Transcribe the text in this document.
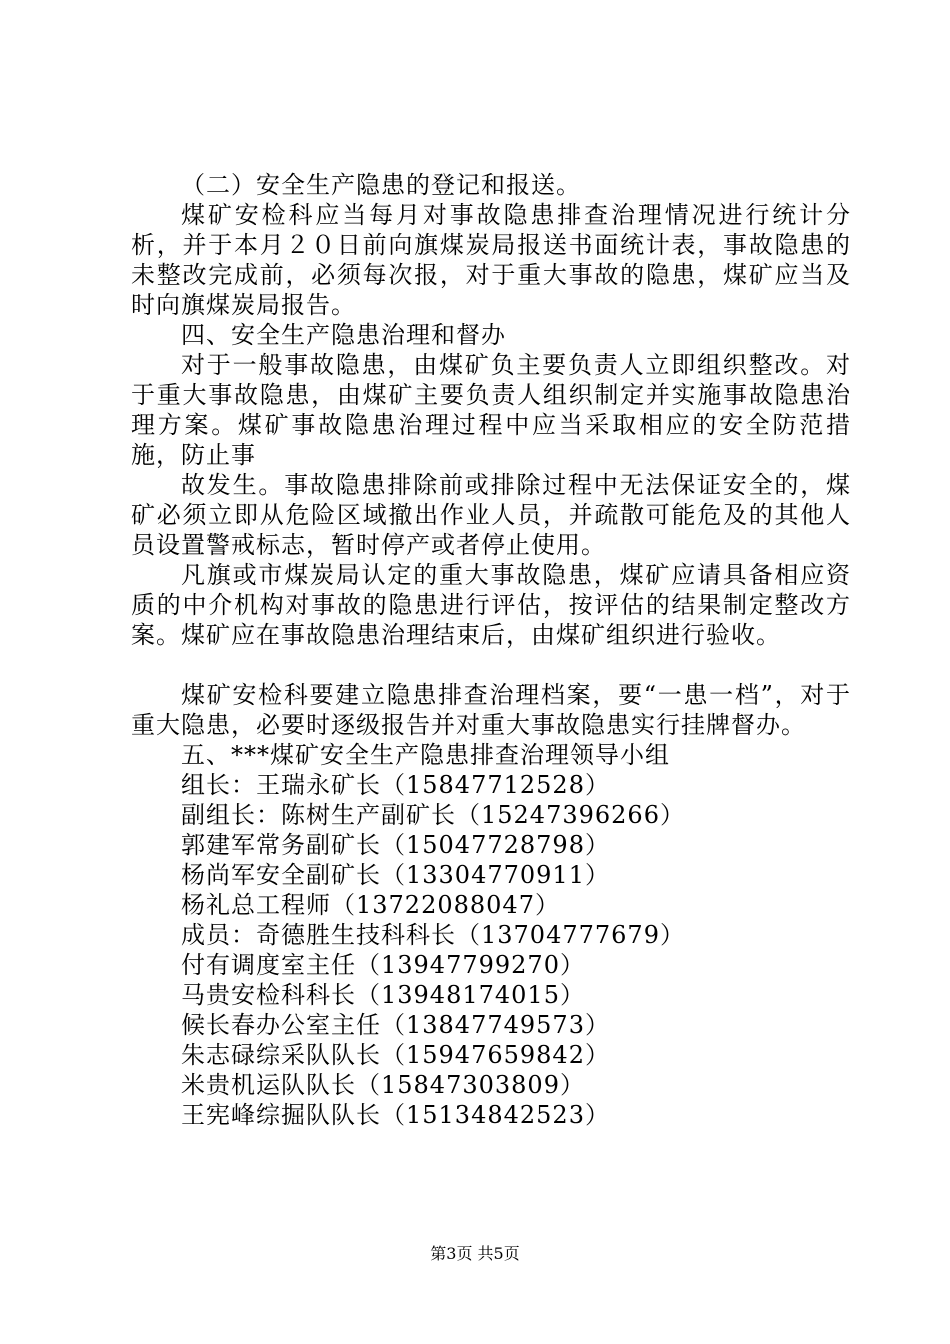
（二）安全生产隐患的登记和报送。

煤矿安检科应当每月对事故隐患排查治理情况进行统计分析，并于本月２０日前向旗煤炭局报送书面统计表，事故隐患的未整改完成前，必须每次报，对于重大事故的隐患，煤矿应当及时向旗煤炭局报告。

四、安全生产隐患治理和督办

对于一般事故隐患，由煤矿负主要负责人立即组织整改。对于重大事故隐患，由煤矿主要负责人组织制定并实施事故隐患治理方案。煤矿事故隐患治理过程中应当采取相应的安全防范措施，防止事

故发生。事故隐患排除前或排除过程中无法保证安全的，煤矿必须立即从危险区域撤出作业人员，并疏散可能危及的其他人员设置警戒标志，暂时停产或者停止使用。

凡旗或市煤炭局认定的重大事故隐患，煤矿应请具备相应资质的中介机构对事故的隐患进行评估，按评估的结果制定整改方案。煤矿应在事故隐患治理结束后，由煤矿组织进行验收。

煤矿安检科要建立隐患排查治理档案，要“一患一档”，对于重大隐患，必要时逐级报告并对重大事故隐患实行挂牌督办。

五、***煤矿安全生产隐患排查治理领导小组

组长：王瑞永矿长（15847712528）

副组长：陈树生产副矿长（15247396266）

郭建军常务副矿长（15047728798）

杨尚军安全副矿长（13304770911）

杨礼总工程师（13722088047）

成员：奇德胜生技科科长（13704777679）

付有调度室主任（13947799270）

马贵安检科科长（13948174015）

候长春办公室主任（13847749573）

朱志碌综采队队长（15947659842）

米贵机运队队长（15847303809）

王宪峰综掘队队长（15134842523）

第3页 共5页
